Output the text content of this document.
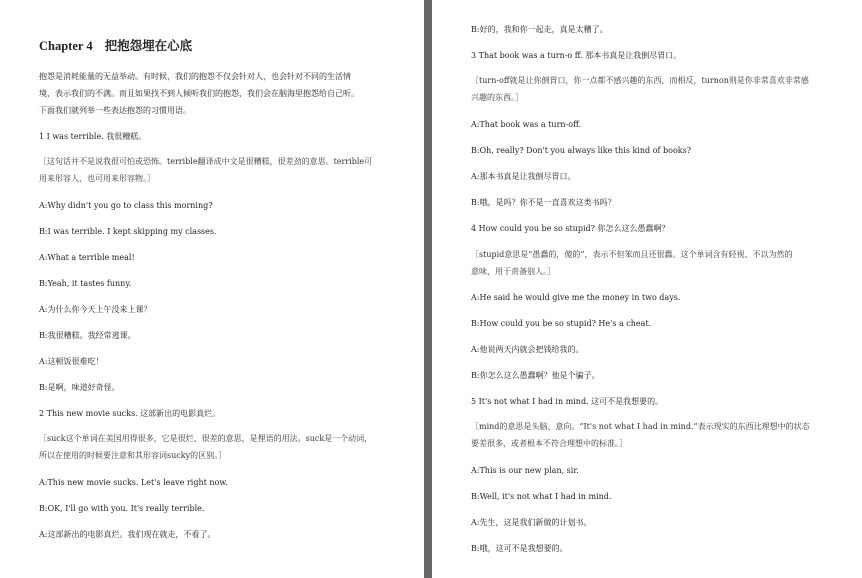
Chapter 4 把抱怨埋在心底
抱怨是消耗能量的无益举动。有时候，我们的抱怨不仅会针对人，也会针对不同的生活情
境，表示我们的不满。而且如果找不到人倾听我们的抱怨，我们会在脑海里抱怨给自己听。
下面我们就列举一些表达抱怨的习惯用语。
1 I was terrible. 我很糟糕。
［这句话并不是说我很可怕或恐怖。terrible翻译成中文是很糟糕，很差劲的意思。terrible可
用来形容人，也可用来形容物。］
A:Why didn't you go to class this morning?
B:I was terrible. I kept skipping my classes.
A:What a terrible meal!
B:Yeah, it tastes funny.
A:为什么你今天上午没来上课？
B:我很糟糕。我经常逃课。
A:这顿饭很难吃！
B:是啊，味道好奇怪。
2 This new movie sucks. 这部新出的电影真烂。
［suck这个单词在美国用得很多，它是很烂、很差的意思，是俚语的用法。suck是一个动词，
所以在使用的时候要注意和其形容词sucky的区别。］
A:This new movie sucks. Let's leave right now.
B:OK, I'll go with you. It's really terrible.
A:这部新出的电影真烂。我们现在就走，不看了。
B:好的，我和你一起走，真是太糟了。
3 That book was a turn-o ff. 那本书真是让我倒尽胃口。
［turn-off就是让你倒胃口，你一点都不感兴趣的东西，而相反，turnon则是你非常喜欢非常感
兴趣的东西。］
A:That book was a turn-off.
B:Oh, really? Don't you always like this kind of books?
A:那本书真是让我倒尽胃口。
B:哦，是吗？你不是一直喜欢这类书吗？
4 How could you be so stupid? 你怎么这么愚蠢啊？
［stupid意思是“愚蠢的，傻的”，表示不但笨而且还很蠢。这个单词含有轻视、不以为然的
意味，用于责备别人。］
A:He said he would give me the money in two days.
B:How could you be so stupid? He's a cheat.
A:他说两天内就会把钱给我的。
B:你怎么这么愚蠢啊？他是个骗子。
5 It's not what I had in mind. 这可不是我想要的。
［mind的意思是头脑、意向。“It's not what I had in mind.”表示现实的东西比理想中的状态
要差很多，或者根本不符合理想中的标准。］
A:This is our new plan, sir.
B:Well, it's not what I had in mind.
A:先生，这是我们新做的计划书。
B:哦，这可不是我想要的。
